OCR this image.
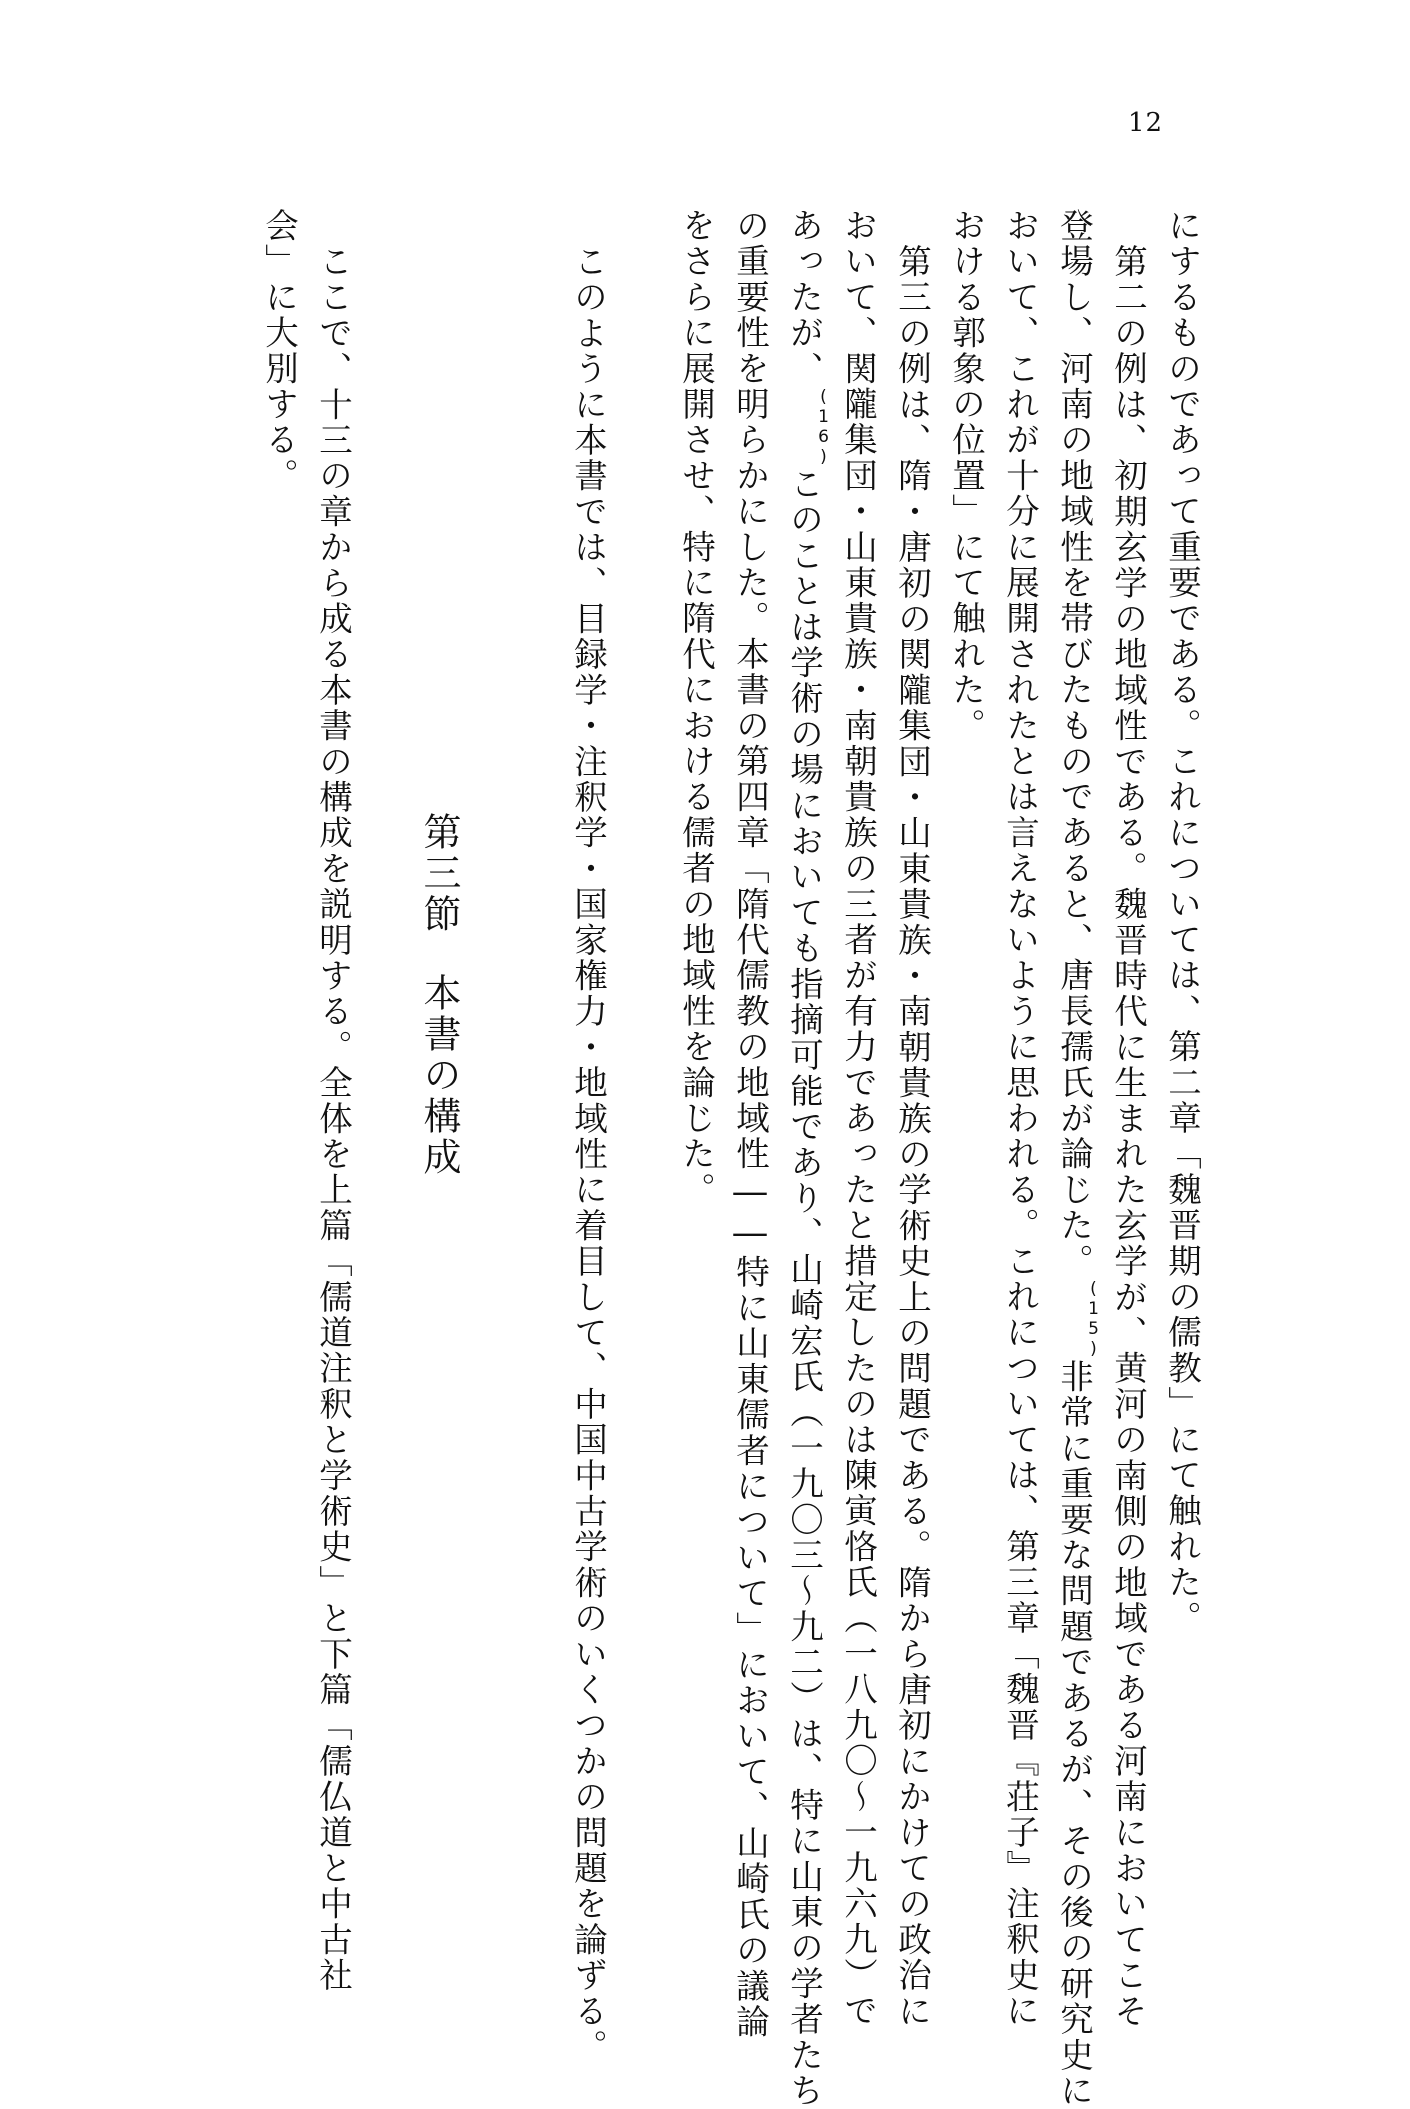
12
にするものであって重要である。これについては、第二章「魏晋期の儒教」にて触れた。
第二の例は、初期玄学の地域性である。魏晋時代に生まれた玄学が、黄河の南側の地域である河南においてこそ
登場し、河南の地域性を帯びたものであると、唐長孺氏が論じた。(15)非常に重要な問題であるが、その後の研究史に
おいて、これが十分に展開されたとは言えないように思われる。これについては、第三章「魏晋『荘子』注釈史に
おける郭象の位置」にて触れた。
第三の例は、隋・唐初の関隴集団・山東貴族・南朝貴族の学術史上の問題である。隋から唐初にかけての政治に
おいて、関隴集団・山東貴族・南朝貴族の三者が有力であったと措定したのは陳寅恪氏（一八九〇～一九六九）で
あったが、(16)このことは学術の場においても指摘可能であり、山崎宏氏（一九〇三～九二）は、特に山東の学者たち
の重要性を明らかにした。本書の第四章「隋代儒教の地域性――特に山東儒者について」において、山崎氏の議論
をさらに展開させ、特に隋代における儒者の地域性を論じた。
このように本書では、目録学・注釈学・国家権力・地域性に着目して、中国中古学術のいくつかの問題を論ずる。
第三節本書の構成
ここで、十三の章から成る本書の構成を説明する。全体を上篇「儒道注釈と学術史」と下篇「儒仏道と中古社
会」に大別する。
